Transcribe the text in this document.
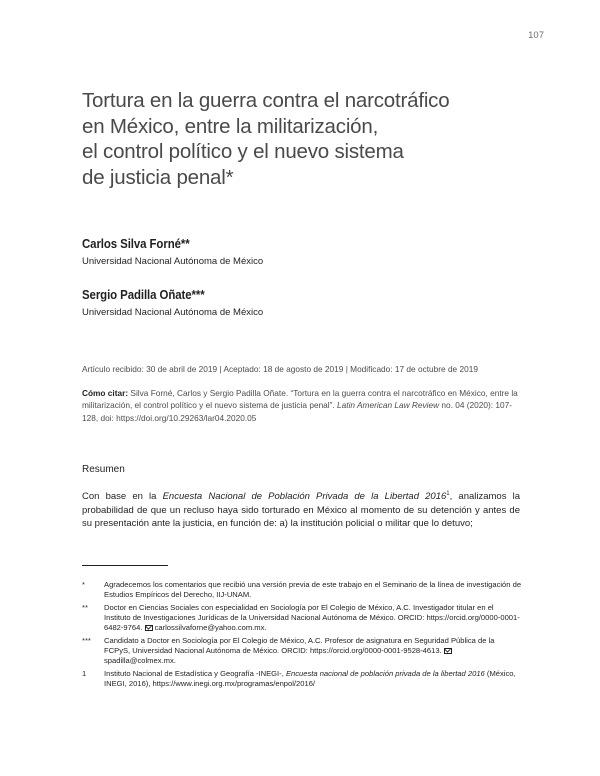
107
Tortura en la guerra contra el narcotráfico
en México, entre la militarización,
el control político y el nuevo sistema
de justicia penal*
Carlos Silva Forné**
Universidad Nacional Autónoma de México
Sergio Padilla Oñate***
Universidad Nacional Autónoma de México
Artículo recibido: 30 de abril de 2019 | Aceptado: 18 de agosto de 2019 | Modificado: 17 de octubre de 2019
Cómo citar: Silva Forné, Carlos y Sergio Padilla Oñate. “Tortura en la guerra contra el narcotráfico en México, entre la militarización, el control político y el nuevo sistema de justicia penal”. Latin American Law Review no. 04 (2020): 107-128, doi: https://doi.org/10.29263/lar04.2020.05
Resumen
Con base en la Encuesta Nacional de Población Privada de la Libertad 2016$^1$, analizamos la probabilidad de que un recluso haya sido torturado en México al momento de su detención y antes de su presentación ante la justicia, en función de: a) la institución policial o militar que lo detuvo;
*	Agradecemos los comentarios que recibió una versión previa de este trabajo en el Seminario de la línea de investigación de Estudios Empíricos del Derecho, IIJ-UNAM.
** Doctor en Ciencias Sociales con especialidad en Sociología por El Colegio de México, A.C. Investigador titular en el Instituto de Investigaciones Jurídicas de la Universidad Nacional Autónoma de México. ORCID: https://orcid.org/0000-0001-6482-9764. carlossilvaforne@yahoo.com.mx.
*** Candidato a Doctor en Sociología por El Colegio de México, A.C. Profesor de asignatura en Seguridad Pública de la FCPyS, Universidad Nacional Autónoma de México. ORCID: https://orcid.org/0000-0001-9528-4613. spadilla@colmex.mx.
1 Instituto Nacional de Estadística y Geografía -INEGI-, Encuesta nacional de población privada de la libertad 2016 (México, INEGI, 2016), https://www.inegi.org.mx/programas/enpol/2016/
